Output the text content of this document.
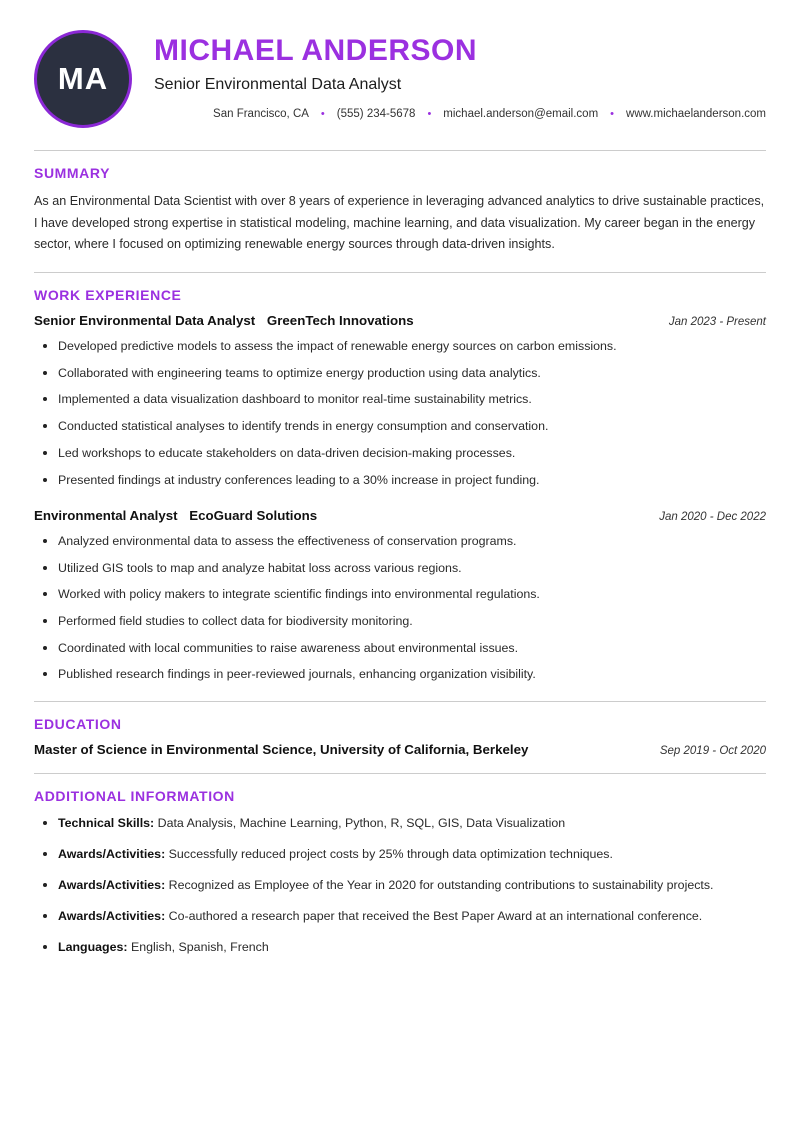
MA
MICHAEL ANDERSON
Senior Environmental Data Analyst
San Francisco, CA	•	(555) 234-5678	•	michael.anderson@email.com	•	www.michaelanderson.com
SUMMARY
As an Environmental Data Scientist with over 8 years of experience in leveraging advanced analytics to drive sustainable practices, I have developed strong expertise in statistical modeling, machine learning, and data visualization. My career began in the energy sector, where I focused on optimizing renewable energy sources through data-driven insights.
WORK EXPERIENCE
Senior Environmental Data Analyst GreenTech Innovations	Jan 2023 - Present
Developed predictive models to assess the impact of renewable energy sources on carbon emissions.
Collaborated with engineering teams to optimize energy production using data analytics.
Implemented a data visualization dashboard to monitor real-time sustainability metrics.
Conducted statistical analyses to identify trends in energy consumption and conservation.
Led workshops to educate stakeholders on data-driven decision-making processes.
Presented findings at industry conferences leading to a 30% increase in project funding.
Environmental Analyst EcoGuard Solutions	Jan 2020 - Dec 2022
Analyzed environmental data to assess the effectiveness of conservation programs.
Utilized GIS tools to map and analyze habitat loss across various regions.
Worked with policy makers to integrate scientific findings into environmental regulations.
Performed field studies to collect data for biodiversity monitoring.
Coordinated with local communities to raise awareness about environmental issues.
Published research findings in peer-reviewed journals, enhancing organization visibility.
EDUCATION
Master of Science in Environmental Science, University of California, Berkeley	Sep 2019 - Oct 2020
ADDITIONAL INFORMATION
Technical Skills: Data Analysis, Machine Learning, Python, R, SQL, GIS, Data Visualization
Awards/Activities: Successfully reduced project costs by 25% through data optimization techniques.
Awards/Activities: Recognized as Employee of the Year in 2020 for outstanding contributions to sustainability projects.
Awards/Activities: Co-authored a research paper that received the Best Paper Award at an international conference.
Languages: English, Spanish, French
